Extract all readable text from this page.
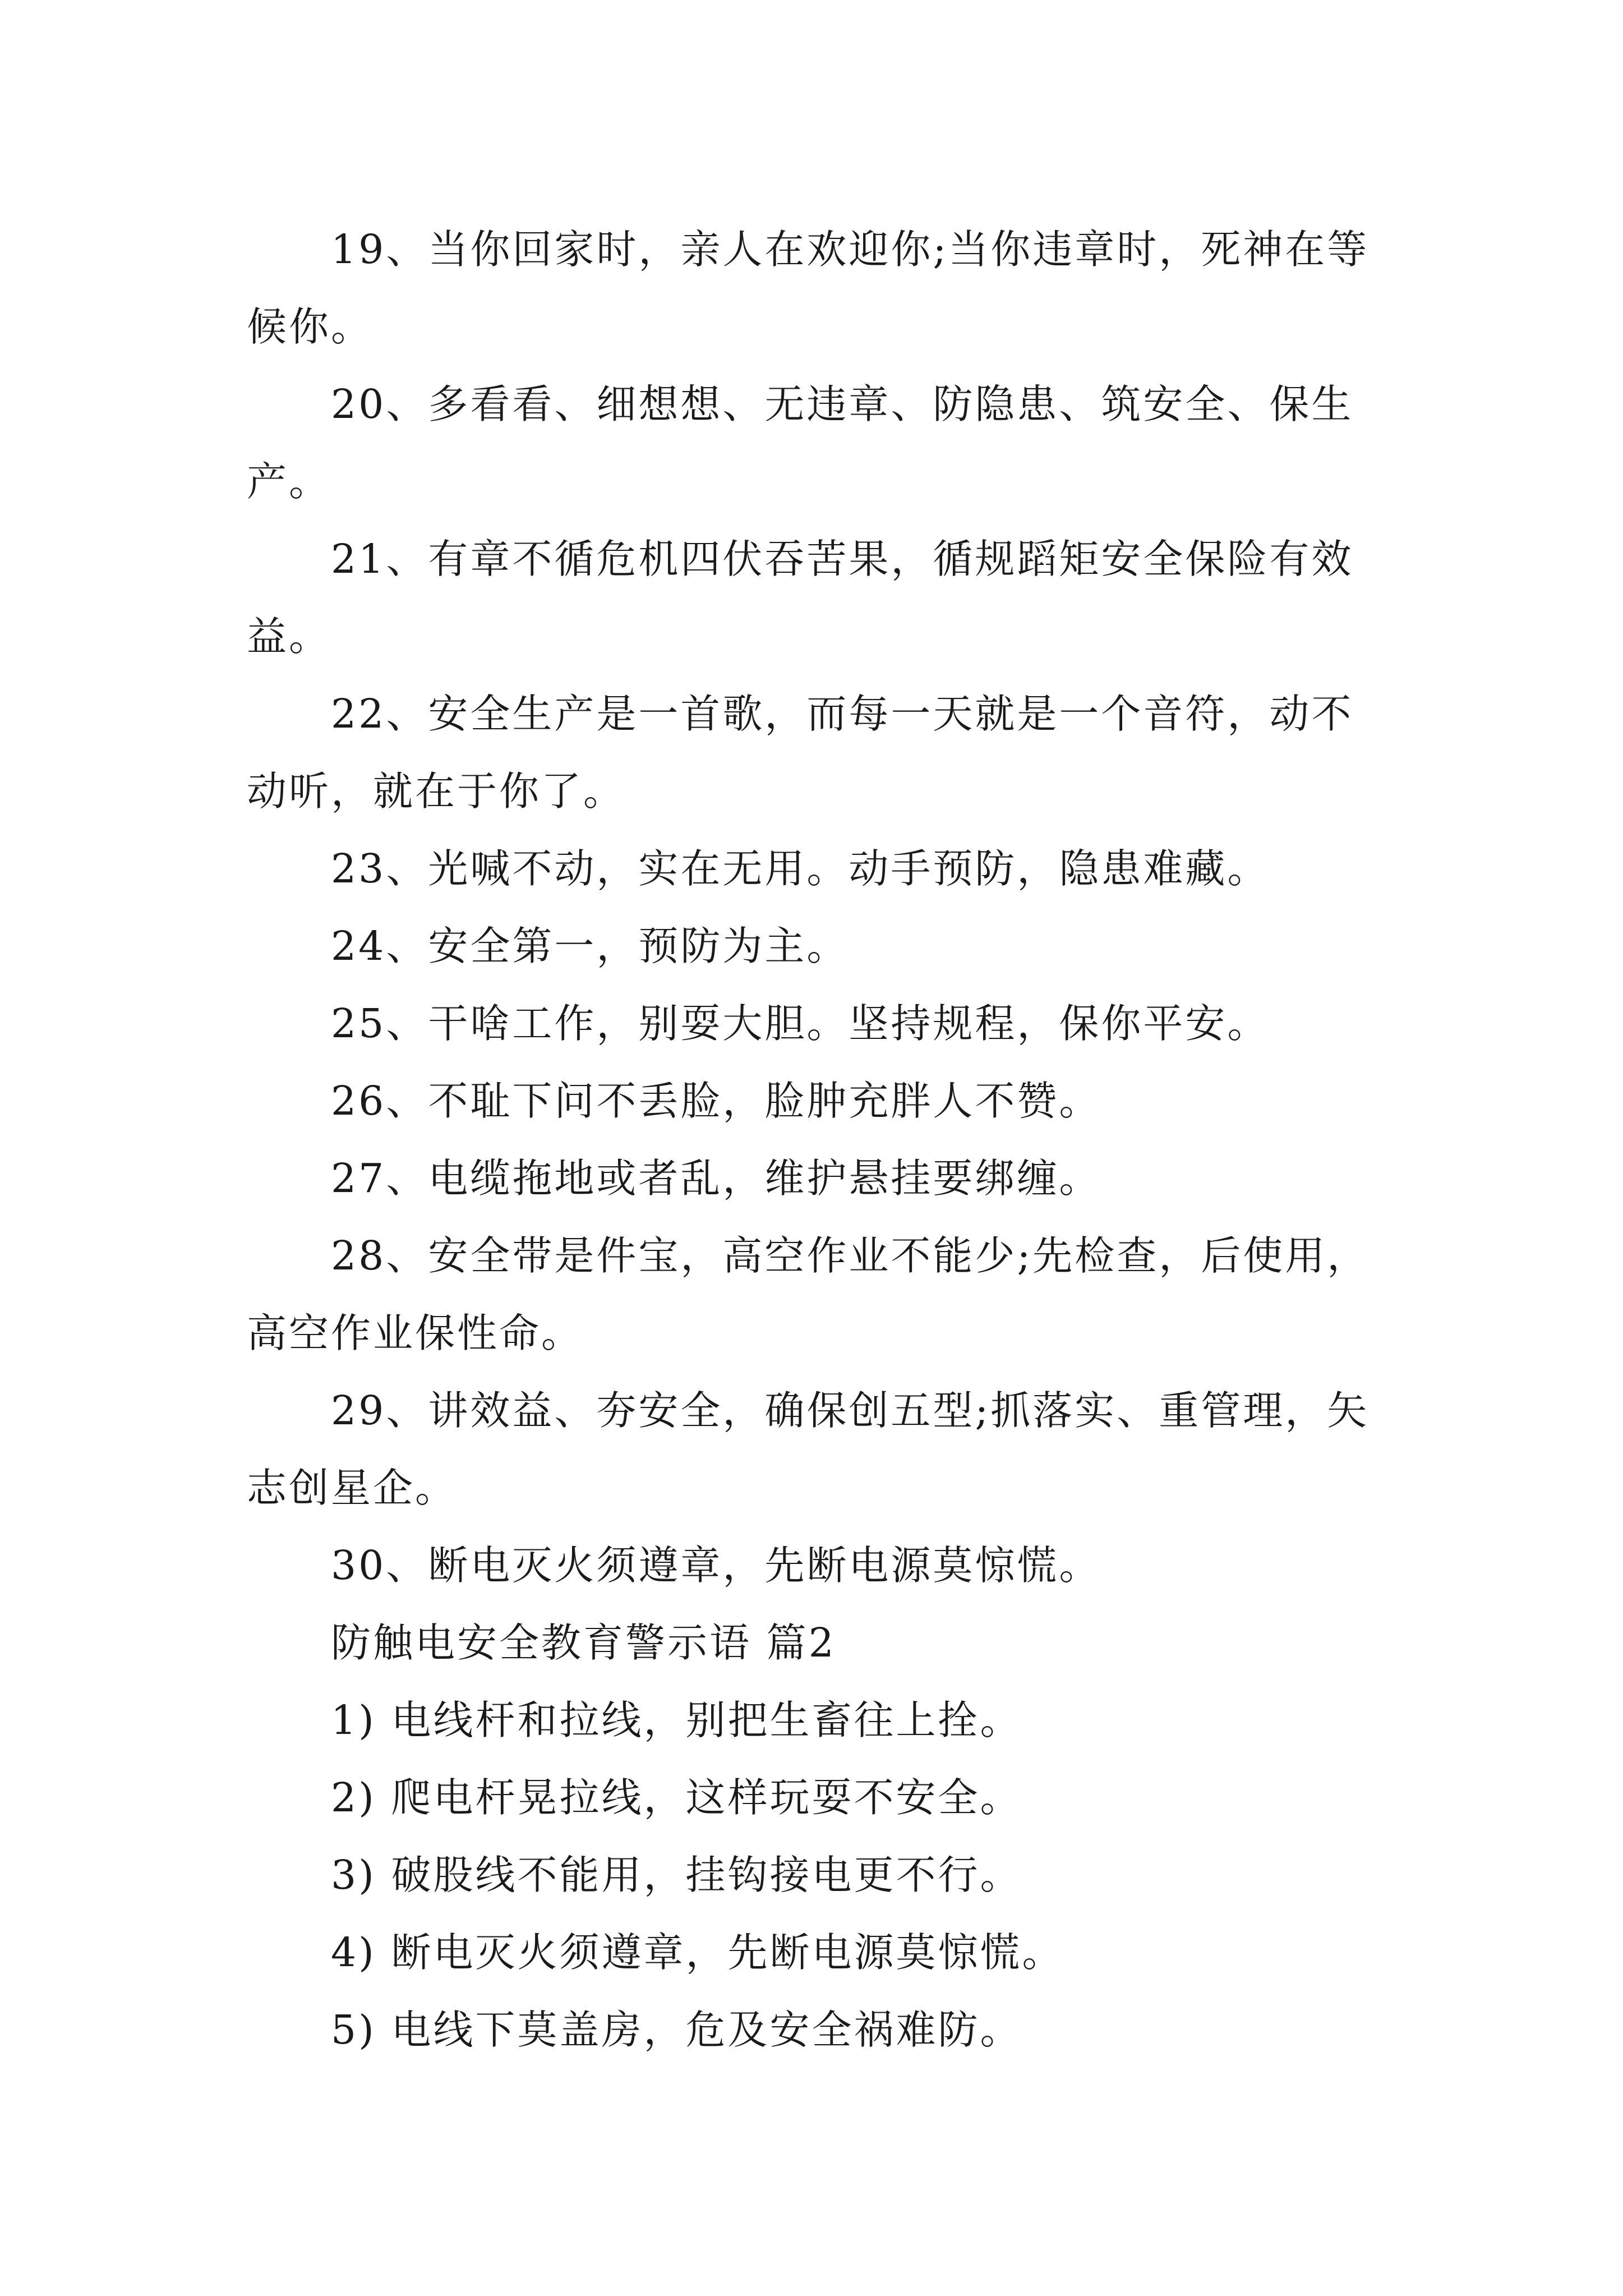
19、当你回家时，亲人在欢迎你;当你违章时，死神在等候你。

20、多看看、细想想、无违章、防隐患、筑安全、保生产。

21、有章不循危机四伏吞苦果，循规蹈矩安全保险有效益。

22、安全生产是一首歌，而每一天就是一个音符，动不动听，就在于你了。

23、光喊不动，实在无用。动手预防，隐患难藏。

24、安全第一，预防为主。

25、干啥工作，别耍大胆。坚持规程，保你平安。

26、不耻下问不丢脸，脸肿充胖人不赞。

27、电缆拖地或者乱，维护悬挂要绑缠。

28、安全带是件宝，高空作业不能少;先检查，后使用，高空作业保性命。

29、讲效益、夯安全，确保创五型;抓落实、重管理，矢志创星企。

30、断电灭火须遵章，先断电源莫惊慌。

防触电安全教育警示语 篇2

1) 电线杆和拉线，别把生畜往上拴。

2) 爬电杆晃拉线，这样玩耍不安全。

3) 破股线不能用，挂钩接电更不行。

4) 断电灭火须遵章，先断电源莫惊慌。

5) 电线下莫盖房，危及安全祸难防。
